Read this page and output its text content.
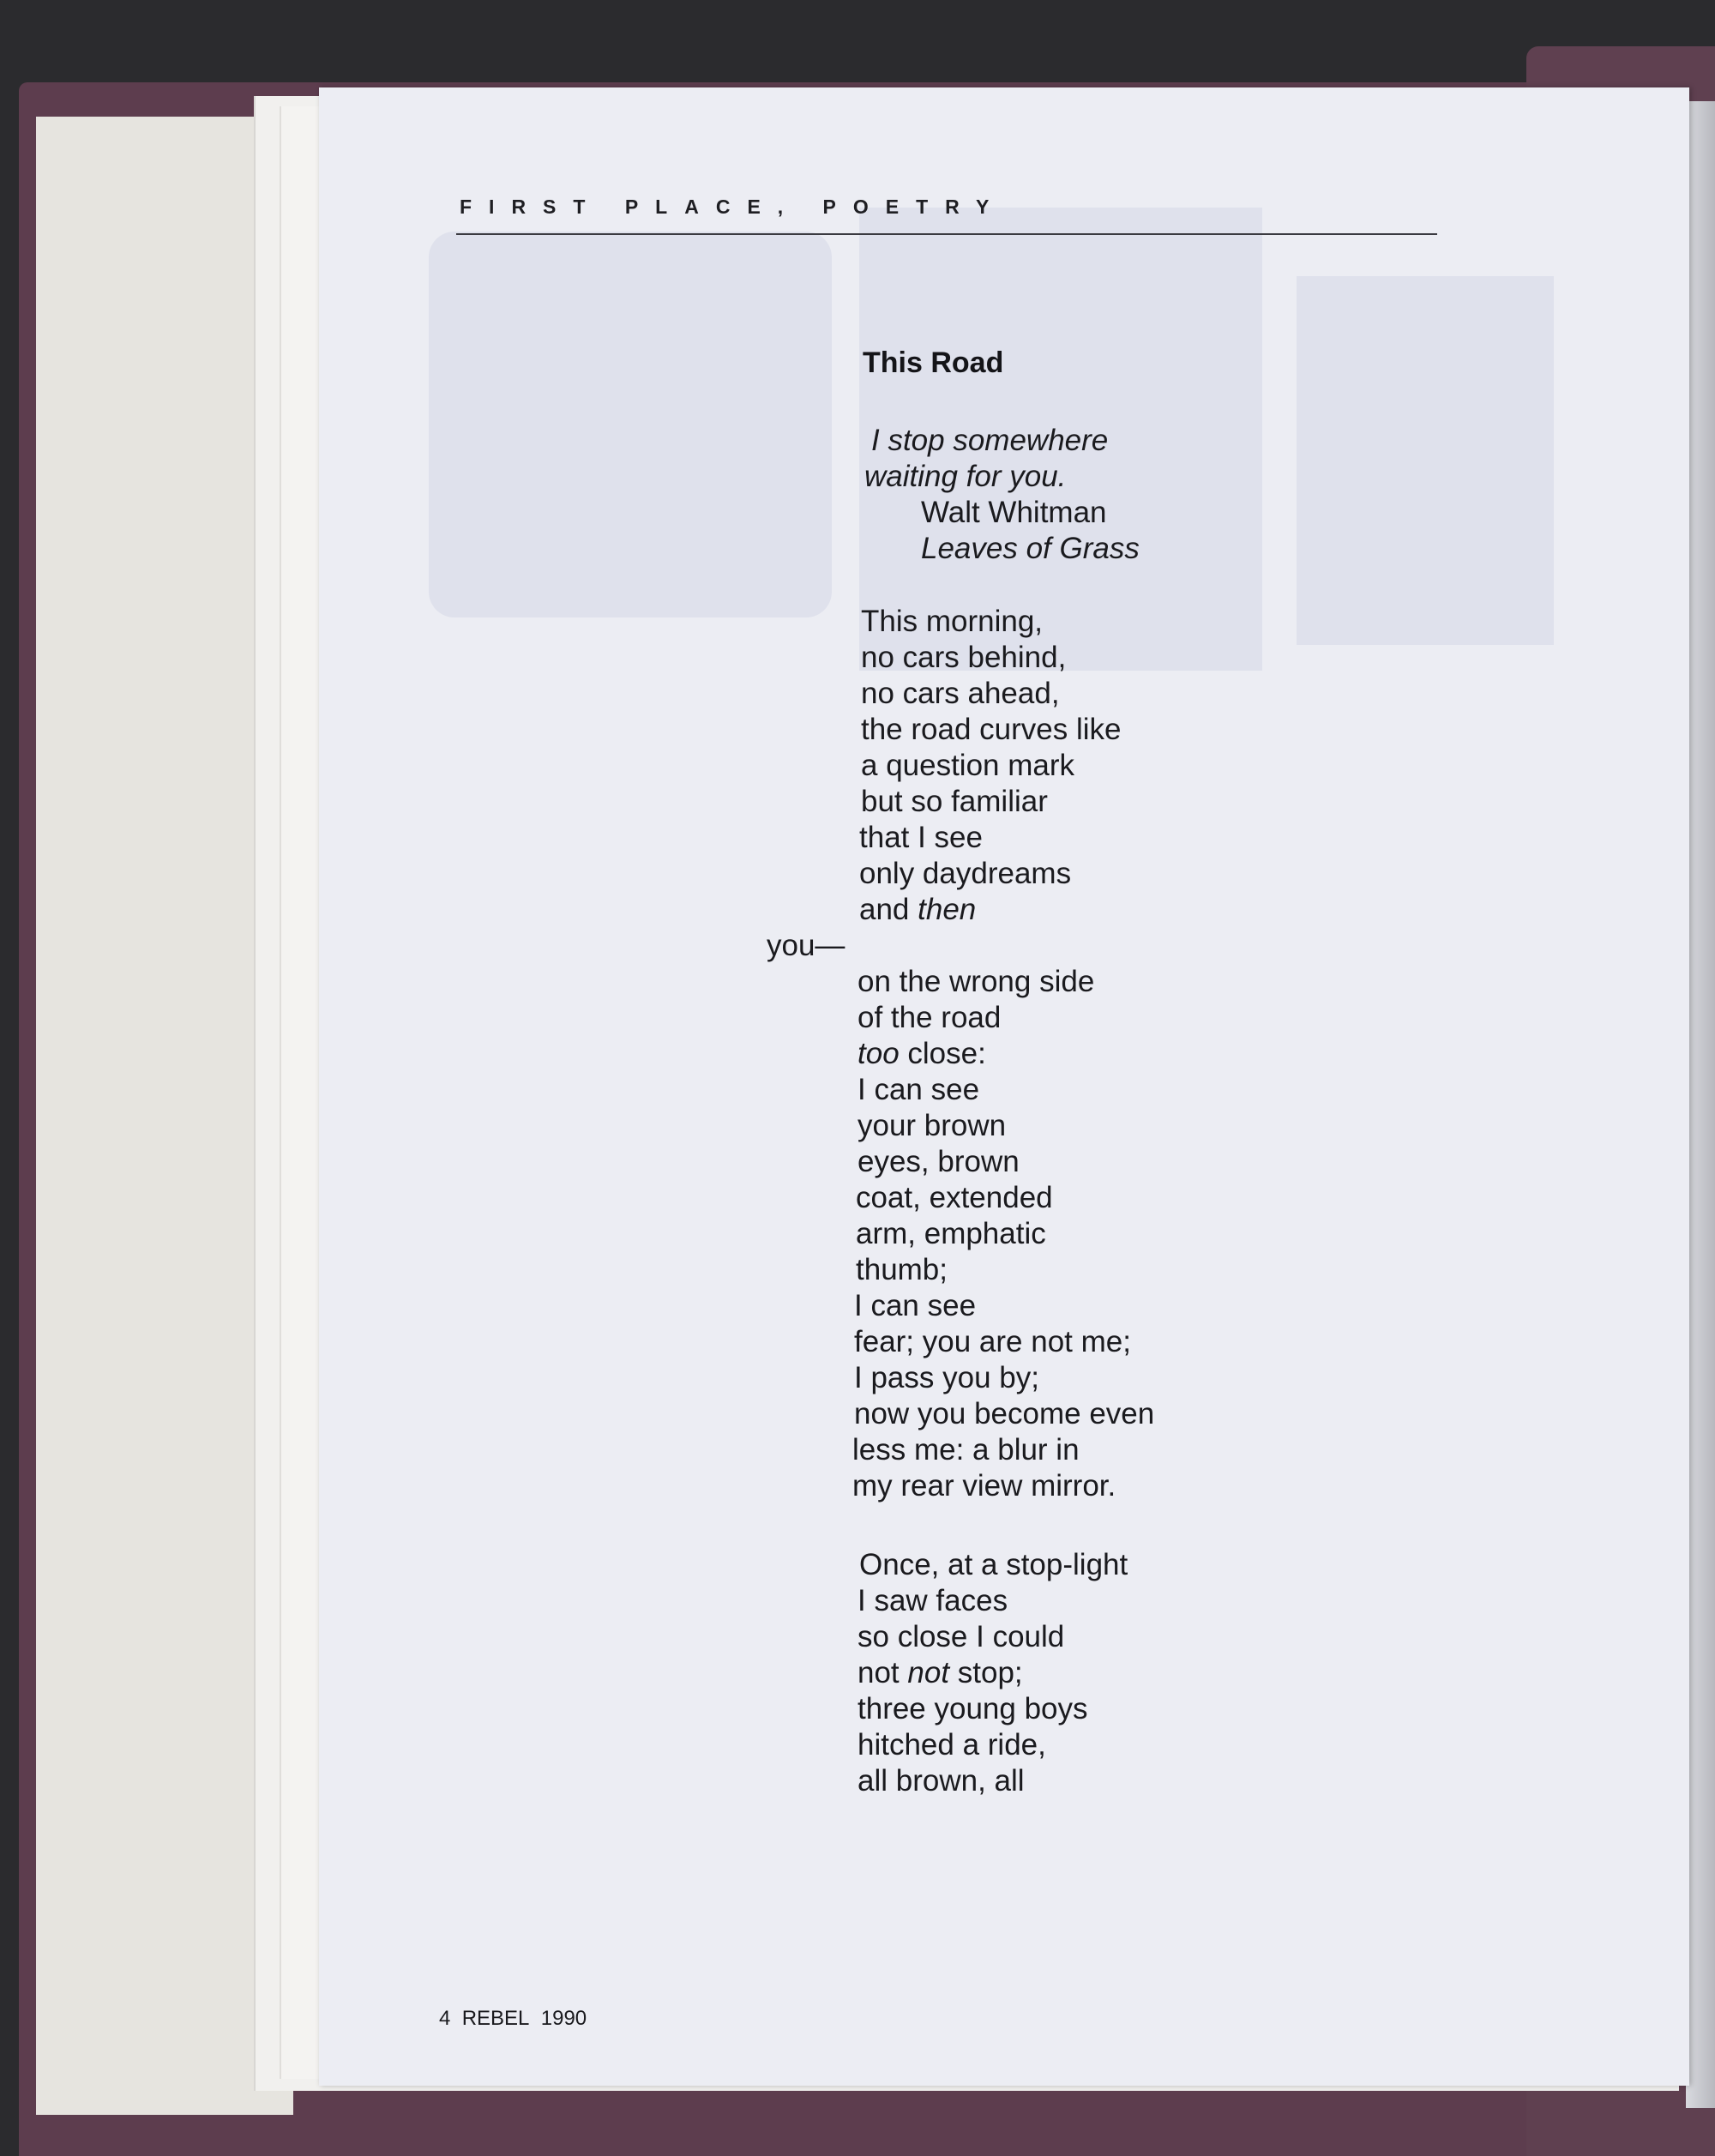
FIRST PLACE, POETRY
This Road
I stop somewhere
waiting for you.
Walt Whitman
Leaves of Grass
This morning,
no cars behind,
no cars ahead,
the road curves like
a question mark
but so familiar
that I see
only daydreams
and then
you—
on the wrong side
of the road
too close:
I can see
your brown
eyes, brown
coat, extended
arm, emphatic
thumb;
I can see
fear; you are not me;
I pass you by;
now you become even
less me: a blur in
my rear view mirror.
Once, at a stop-light
I saw faces
so close I could
not not stop;
three young boys
hitched a ride,
all brown, all
4 REBEL 1990
